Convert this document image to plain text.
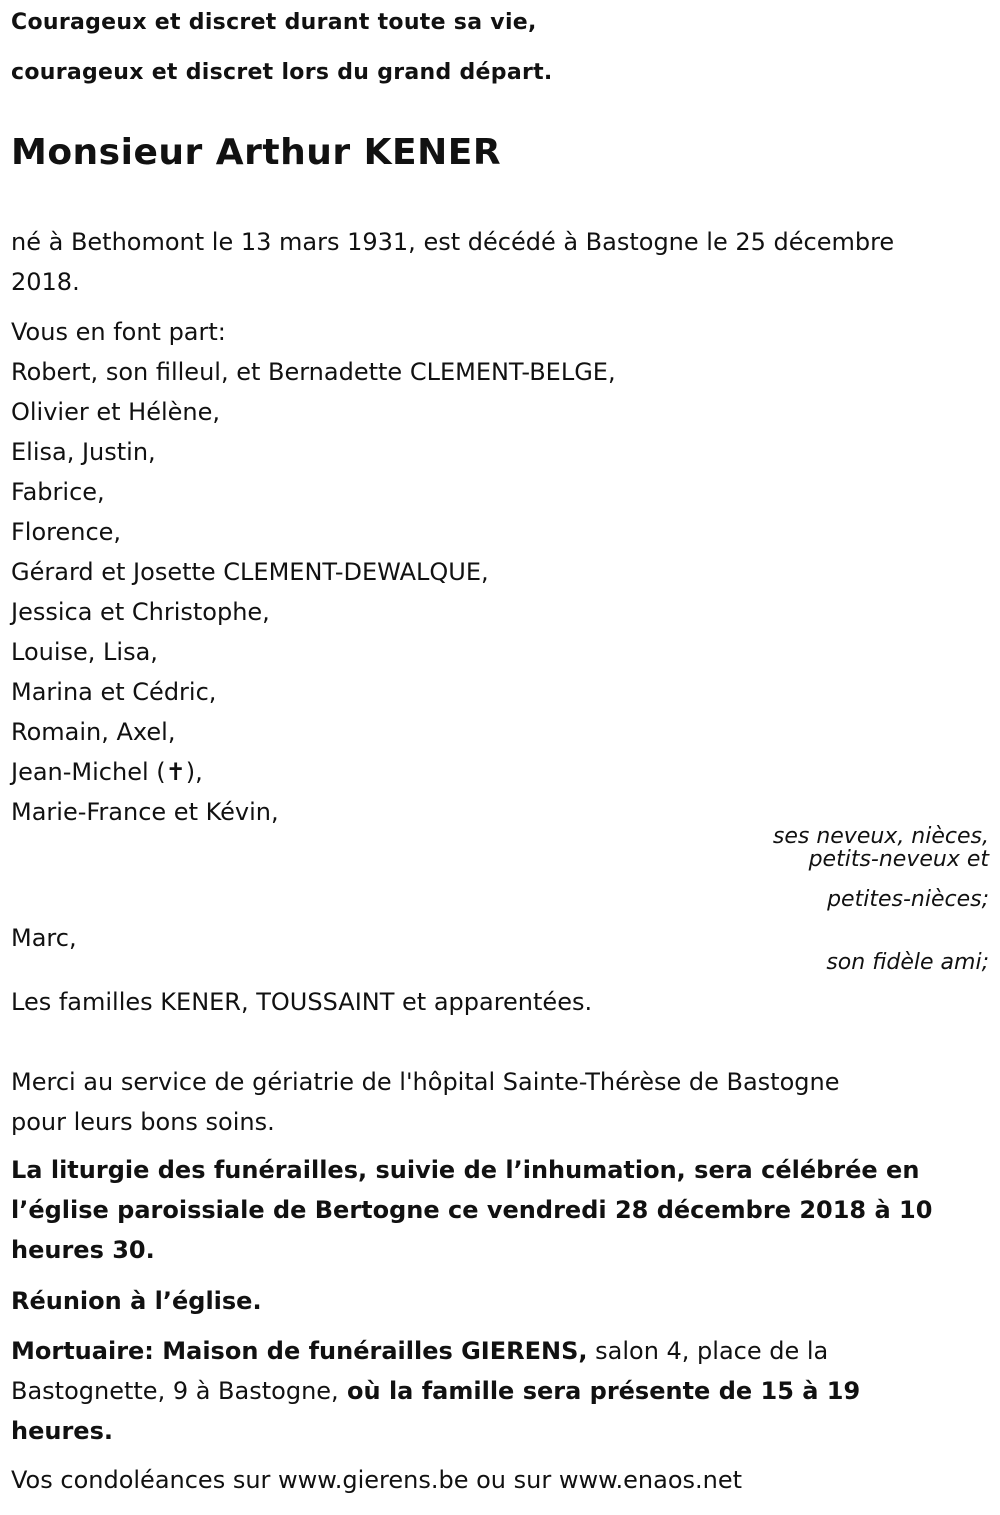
Courageux et discret durant toute sa vie,

courageux et discret lors du grand départ.

Monsieur Arthur KENER

né à Bethomont le 13 mars 1931, est décédé à Bastogne le 25 décembre

2018.

Vous en font part:

Robert, son filleul, et Bernadette CLEMENT-BELGE,

Olivier et Hélène,

Elisa, Justin,

Fabrice,

Florence,

Gérard et Josette CLEMENT-DEWALQUE,

Jessica et Christophe,

Louise, Lisa,

Marina et Cédric,

Romain, Axel,

Jean-Michel (✝),

Marie-France et Kévin,

ses neveux, nièces,

petits-neveux et

petites-nièces;

Marc,

son fidèle ami;

Les familles KENER, TOUSSAINT et apparentées.

Merci au service de gériatrie de l'hôpital Sainte-Thérèse de Bastogne

pour leurs bons soins.

La liturgie des funérailles, suivie de l’inhumation, sera célébrée en

l’église paroissiale de Bertogne ce vendredi 28 décembre 2018 à 10

heures 30.

Réunion à l’église.

Mortuaire: Maison de funérailles GIERENS, salon 4, place de la

Bastognette, 9 à Bastogne, où la famille sera présente de 15 à 19

heures.

Vos condoléances sur www.gierens.be ou sur www.enaos.net
